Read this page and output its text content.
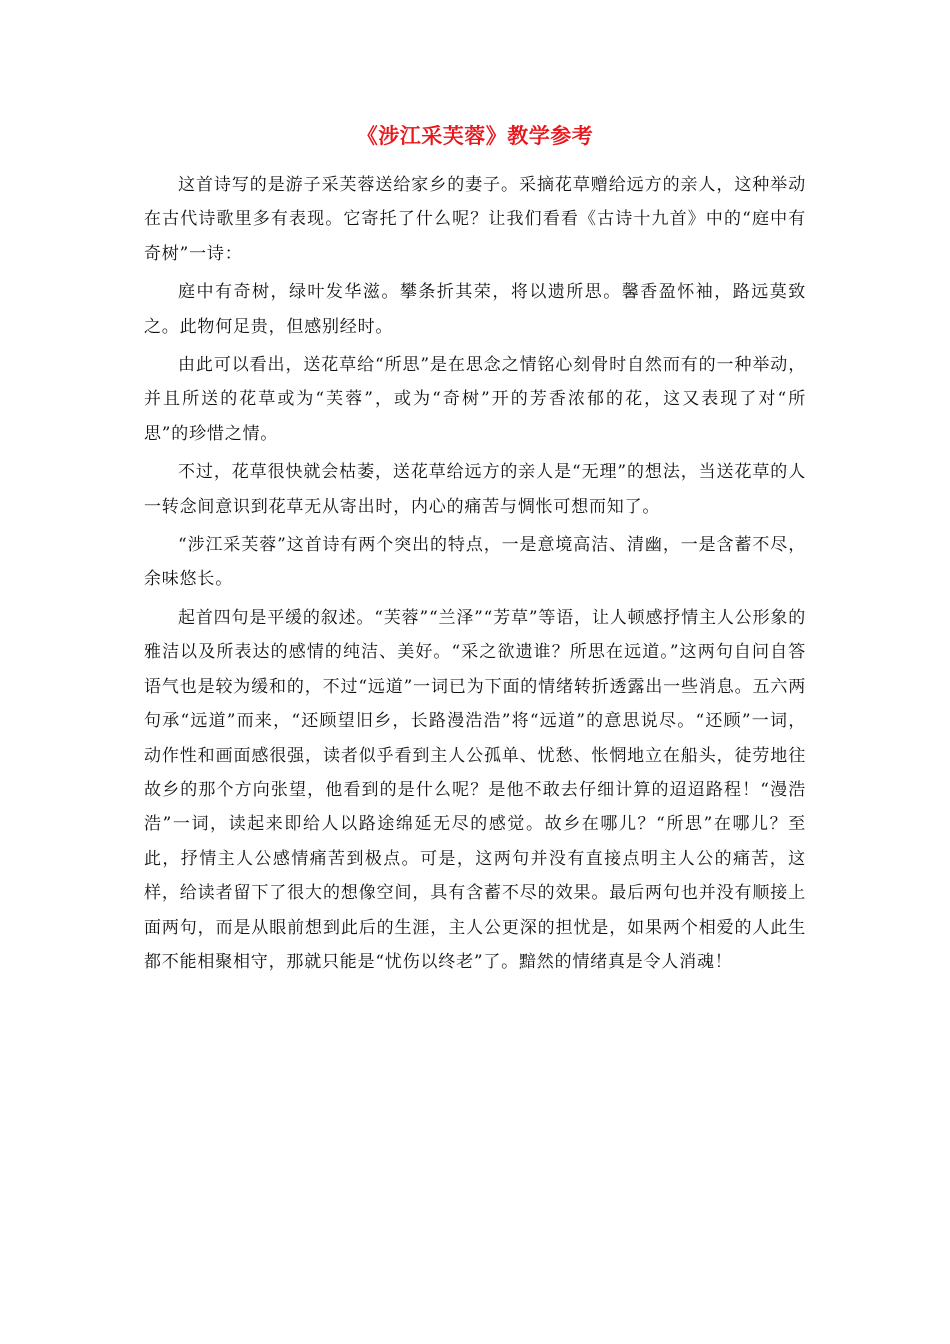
《涉江采芙蓉》教学参考

这首诗写的是游子采芙蓉送给家乡的妻子。采摘花草赠给远方的亲人，这种举动在古代诗歌里多有表现。它寄托了什么呢？让我们看看《古诗十九首》中的“庭中有奇树”一诗：

庭中有奇树，绿叶发华滋。攀条折其荣，将以遗所思。馨香盈怀袖，路远莫致之。此物何足贵，但感别经时。

由此可以看出，送花草给“所思”是在思念之情铭心刻骨时自然而有的一种举动，并且所送的花草或为“芙蓉”，或为“奇树”开的芳香浓郁的花，这又表现了对“所思”的珍惜之情。

不过，花草很快就会枯萎，送花草给远方的亲人是“无理”的想法，当送花草的人一转念间意识到花草无从寄出时，内心的痛苦与惆怅可想而知了。

“涉江采芙蓉”这首诗有两个突出的特点，一是意境高洁、清幽，一是含蓄不尽，余味悠长。

起首四句是平缓的叙述。“芙蓉”“兰泽”“芳草”等语，让人顿感抒情主人公形象的雅洁以及所表达的感情的纯洁、美好。“采之欲遗谁？所思在远道。”这两句自问自答语气也是较为缓和的，不过“远道”一词已为下面的情绪转折透露出一些消息。五六两句承“远道”而来，“还顾望旧乡，长路漫浩浩”将“远道”的意思说尽。“还顾”一词，动作性和画面感很强，读者似乎看到主人公孤单、忧愁、怅惘地立在船头，徒劳地往故乡的那个方向张望，他看到的是什么呢？是他不敢去仔细计算的迢迢路程！“漫浩浩”一词，读起来即给人以路途绵延无尽的感觉。故乡在哪儿？“所思”在哪儿？至此，抒情主人公感情痛苦到极点。可是，这两句并没有直接点明主人公的痛苦，这样，给读者留下了很大的想像空间，具有含蓄不尽的效果。最后两句也并没有顺接上面两句，而是从眼前想到此后的生涯，主人公更深的担忧是，如果两个相爱的人此生都不能相聚相守，那就只能是“忧伤以终老”了。黯然的情绪真是令人消魂！
